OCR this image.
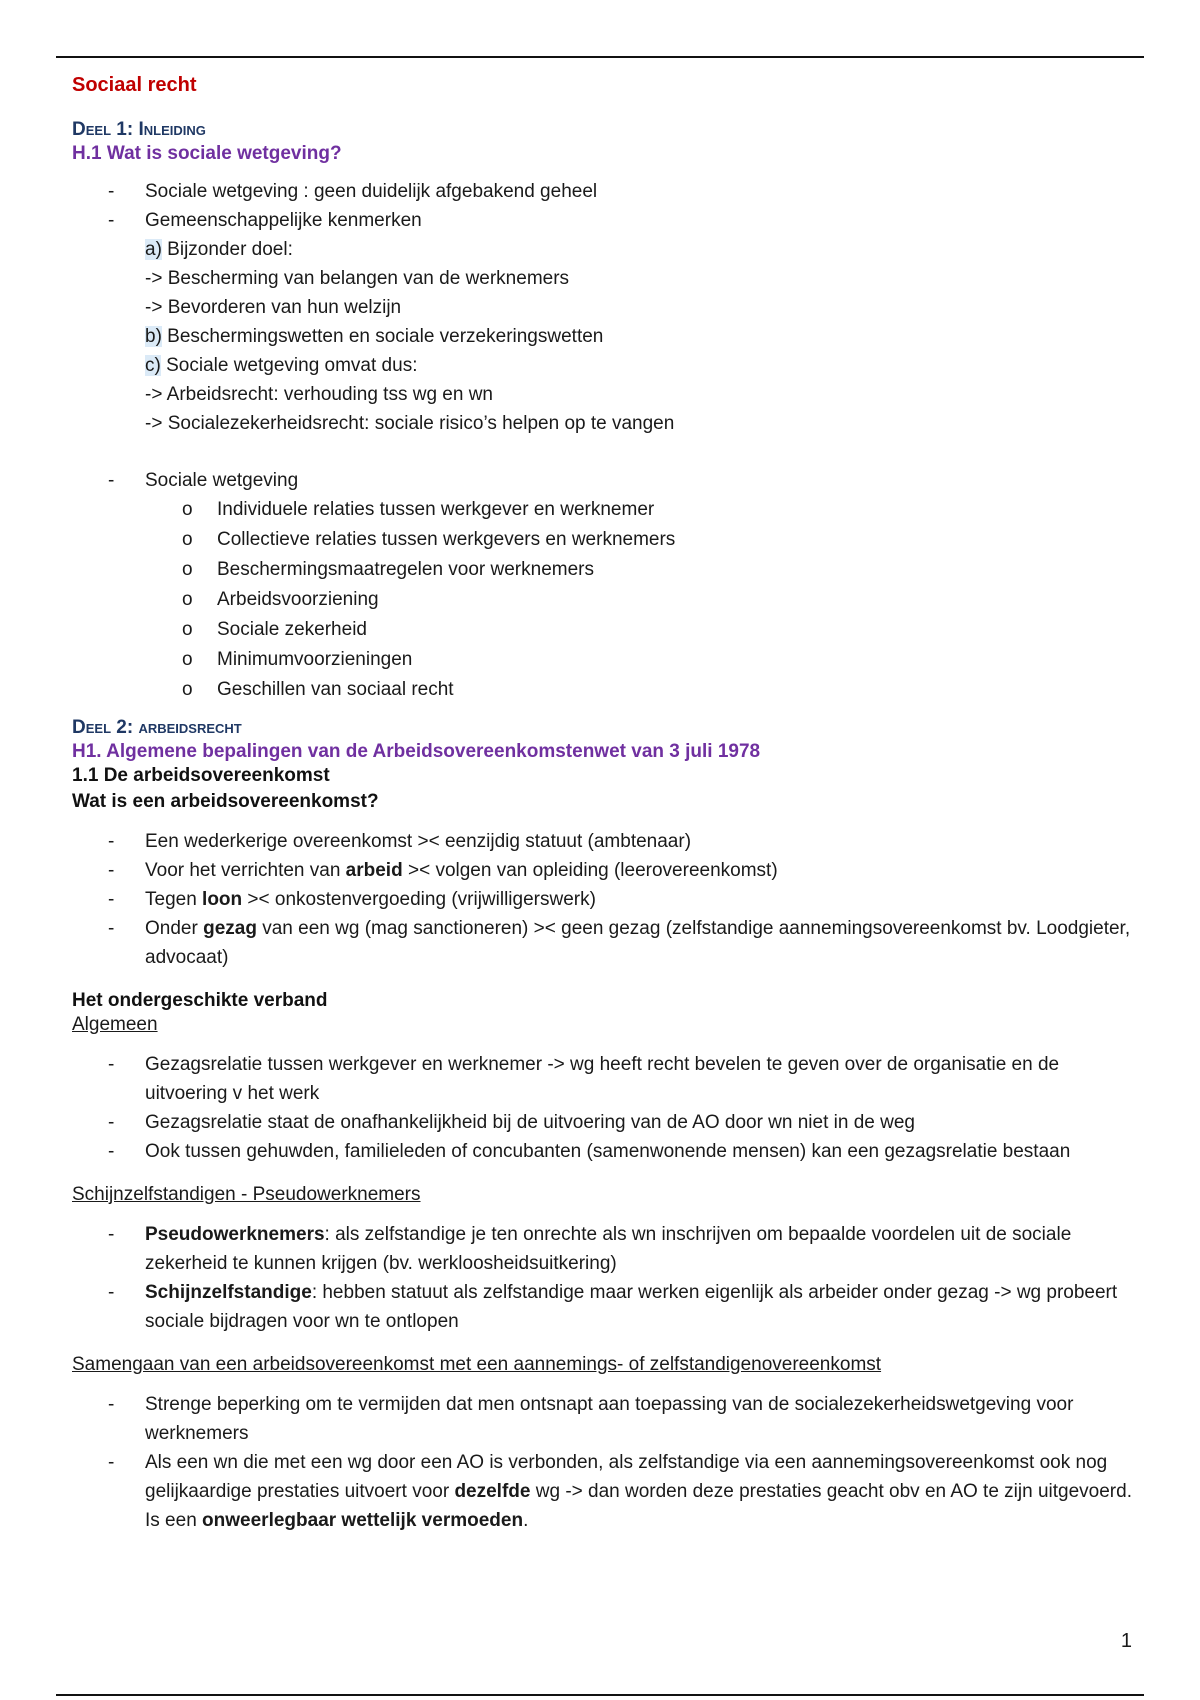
Sociaal recht
Deel 1: Inleiding
H.1 Wat is sociale wetgeving?
- Sociale wetgeving : geen duidelijk afgebakend geheel
- Gemeenschappelijke kenmerken
a) Bijzonder doel:
-> Bescherming van belangen van de werknemers
-> Bevorderen van hun welzijn
b) Beschermingswetten en sociale verzekeringswetten
c) Sociale wetgeving omvat dus:
-> Arbeidsrecht: verhouding tss wg en wn
-> Socialezekerheidsrecht: sociale risico’s helpen op te vangen
- Sociale wetgeving
o Individuele relaties tussen werkgever en werknemer
o Collectieve relaties tussen werkgevers en werknemers
o Beschermingsmaatregelen voor werknemers
o Arbeidsvoorziening
o Sociale zekerheid
o Minimumvoorzieningen
o Geschillen van sociaal recht
Deel 2: arbeidsrecht
H1. Algemene bepalingen van de Arbeidsovereenkomstenwet van 3 juli 1978
1.1 De arbeidsovereenkomst
Wat is een arbeidsovereenkomst?
- Een wederkerige overeenkomst >< eenzijdig statuut (ambtenaar)
- Voor het verrichten van arbeid >< volgen van opleiding (leerovereenkomst)
- Tegen loon >< onkostenvergoeding (vrijwilligerswerk)
- Onder gezag van een wg (mag sanctioneren) >< geen gezag (zelfstandige aannemingsovereenkomst bv. Loodgieter, advocaat)
Het ondergeschikte verband
Algemeen
- Gezagsrelatie tussen werkgever en werknemer -> wg heeft recht bevelen te geven over de organisatie en de uitvoering v het werk
- Gezagsrelatie staat de onafhankelijkheid bij de uitvoering van de AO door wn niet in de weg
- Ook tussen gehuwden, familieleden of concubanten (samenwonende mensen) kan een gezagsrelatie bestaan
Schijnzelfstandigen - Pseudowerknemers
- Pseudowerknemers: als zelfstandige je ten onrechte als wn inschrijven om bepaalde voordelen uit de sociale zekerheid te kunnen krijgen (bv. werkloosheidsuitkering)
- Schijnzelfstandige: hebben statuut als zelfstandige maar werken eigenlijk als arbeider onder gezag -> wg probeert sociale bijdragen voor wn te ontlopen
Samengaan van een arbeidsovereenkomst met een aannemings- of zelfstandigenovereenkomst
- Strenge beperking om te vermijden dat men ontsnapt aan toepassing van de socialezekerheidswetgeving voor werknemers
- Als een wn die met een wg door een AO is verbonden, als zelfstandige via een aannemingsovereenkomst ook nog gelijkaardige prestaties uitvoert voor dezelfde wg -> dan worden deze prestaties geacht obv en AO te zijn uitgevoerd. Is een onweerlegbaar wettelijk vermoeden.
1
